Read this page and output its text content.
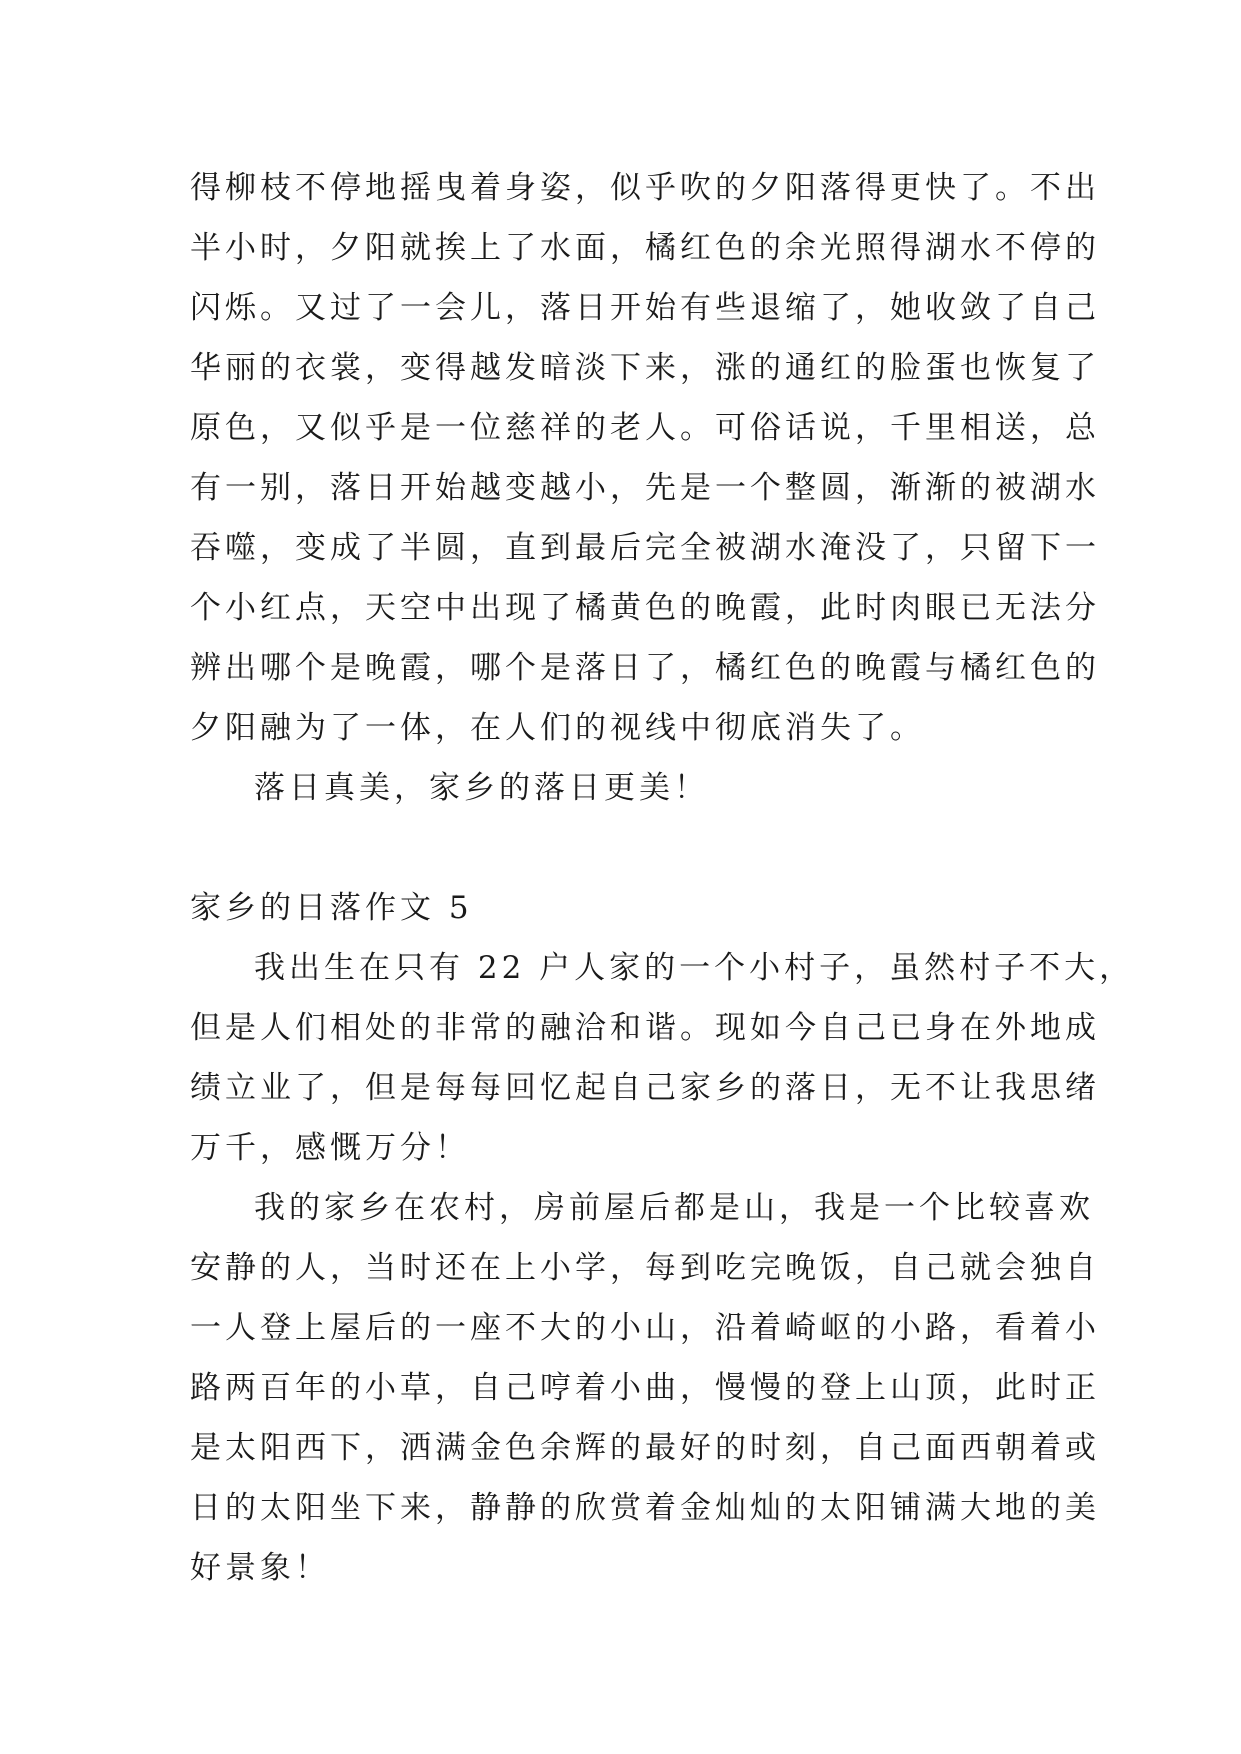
得柳枝不停地摇曳着身姿，似乎吹的夕阳落得更快了。不出
半小时，夕阳就挨上了水面，橘红色的余光照得湖水不停的
闪烁。又过了一会儿，落日开始有些退缩了，她收敛了自己
华丽的衣裳，变得越发暗淡下来，涨的通红的脸蛋也恢复了
原色，又似乎是一位慈祥的老人。可俗话说，千里相送，总
有一别，落日开始越变越小，先是一个整圆，渐渐的被湖水
吞噬，变成了半圆，直到最后完全被湖水淹没了，只留下一
个小红点，天空中出现了橘黄色的晚霞，此时肉眼已无法分
辨出哪个是晚霞，哪个是落日了，橘红色的晚霞与橘红色的
夕阳融为了一体，在人们的视线中彻底消失了。
落日真美，家乡的落日更美！
家乡的日落作文 5
我出生在只有 22 户人家的一个小村子，虽然村子不大，
但是人们相处的非常的融洽和谐。现如今自己已身在外地成
绩立业了，但是每每回忆起自己家乡的落日，无不让我思绪
万千，感慨万分！
我的家乡在农村，房前屋后都是山，我是一个比较喜欢
安静的人，当时还在上小学，每到吃完晚饭，自己就会独自
一人登上屋后的一座不大的小山，沿着崎岖的小路，看着小
路两百年的小草，自己哼着小曲，慢慢的登上山顶，此时正
是太阳西下，洒满金色余辉的最好的时刻，自己面西朝着或
日的太阳坐下来，静静的欣赏着金灿灿的太阳铺满大地的美
好景象！
